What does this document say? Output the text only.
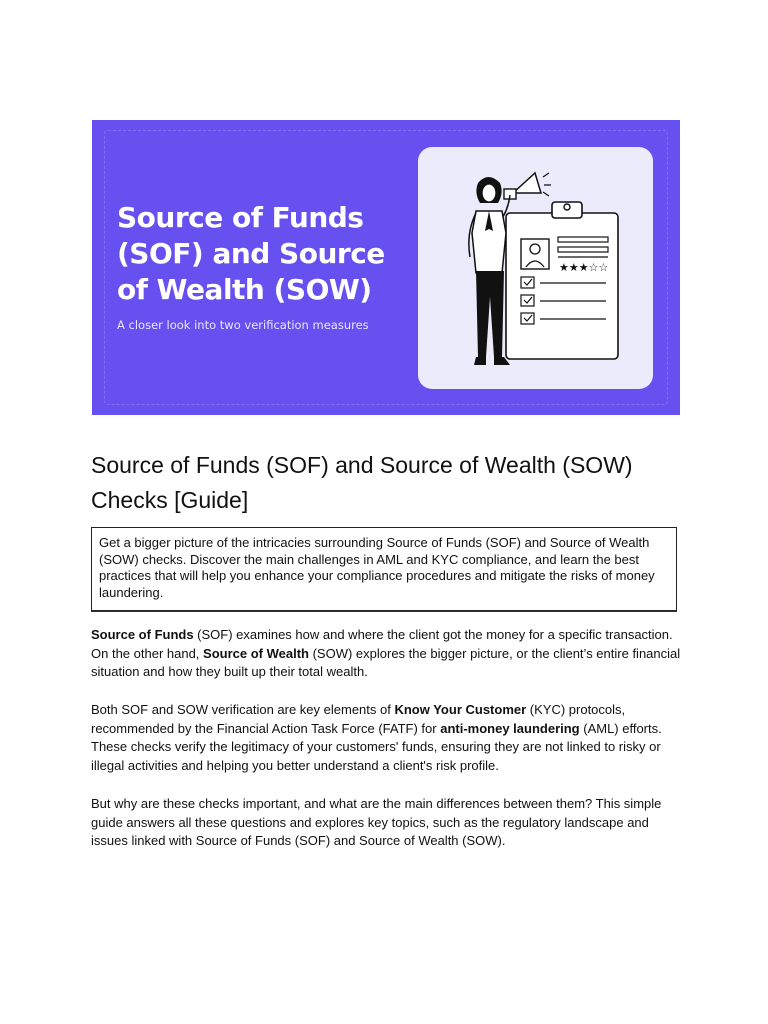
Source of Funds (SOF) and Source of Wealth (SOW)
A closer look into two verification measures
★★★☆☆
Source of Funds (SOF) and Source of Wealth (SOW) Checks [Guide]
Get a bigger picture of the intricacies surrounding Source of Funds (SOF) and Source of Wealth (SOW) checks. Discover the main challenges in AML and KYC compliance, and learn the best practices that will help you enhance your compliance procedures and mitigate the risks of money laundering.

Source of Funds (SOF) examines how and where the client got the money for a specific transaction. On the other hand, Source of Wealth (SOW) explores the bigger picture, or the client’s entire financial situation and how they built up their total wealth.

Both SOF and SOW verification are key elements of Know Your Customer (KYC) protocols, recommended by the Financial Action Task Force (FATF) for anti-money laundering (AML) efforts. These checks verify the legitimacy of your customers' funds, ensuring they are not linked to risky or illegal activities and helping you better understand a client's risk profile.

But why are these checks important, and what are the main differences between them? This simple guide answers all these questions and explores key topics, such as the regulatory landscape and issues linked with Source of Funds (SOF) and Source of Wealth (SOW).
